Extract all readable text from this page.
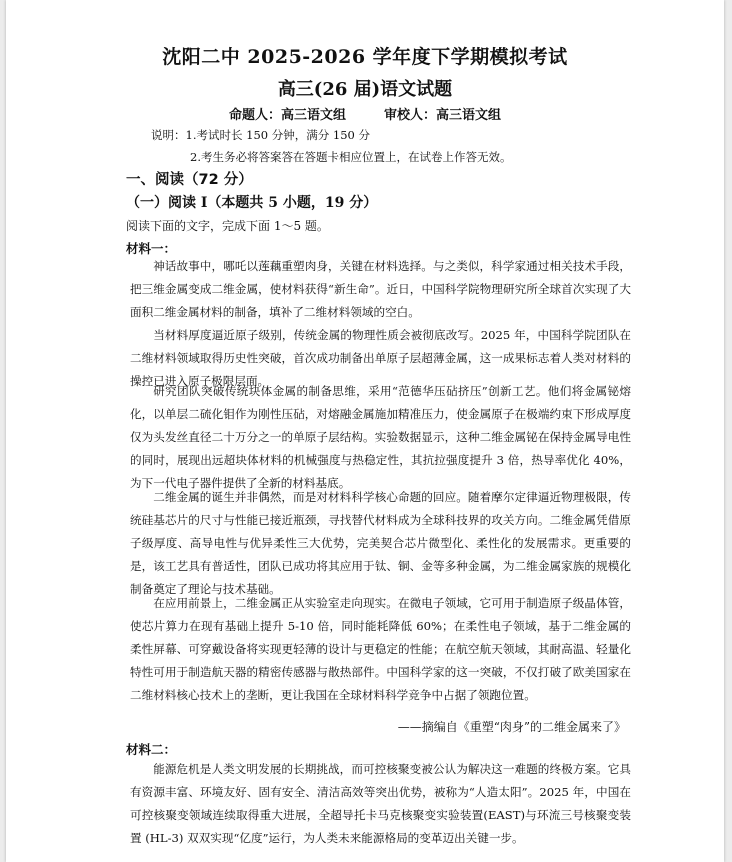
沈阳二中 2025-2026 学年度下学期模拟考试
高三(26 届)语文试题
命题人：高三语文组	审校人：高三语文组
说明：1.考试时长 150 分钟，满分 150 分
2.考生务必将答案答在答题卡相应位置上，在试卷上作答无效。
一、阅读（72 分）
（一）阅读 I（本题共 5 小题，19 分）
阅读下面的文字，完成下面 1～5 题。
材料一：

神话故事中，哪吒以莲藕重塑肉身，关键在材料选择。与之类似，科学家通过相关技术手段，把三维金属变成二维金属，使材料获得“新生命”。近日，中国科学院物理研究所全球首次实现了大面积二维金属材料的制备，填补了二维材料领域的空白。

当材料厚度逼近原子级别，传统金属的物理性质会被彻底改写。2025 年，中国科学院团队在二维材料领域取得历史性突破，首次成功制备出单原子层超薄金属，这一成果标志着人类对材料的操控已进入原子极限层面。

研究团队突破传统块体金属的制备思维，采用“范德华压砧挤压”创新工艺。他们将金属铋熔化，以单层二硫化钼作为刚性压砧，对熔融金属施加精准压力，使金属原子在极端约束下形成厚度仅为头发丝直径二十万分之一的单原子层结构。实验数据显示，这种二维金属铋在保持金属导电性的同时，展现出远超块体材料的机械强度与热稳定性，其抗拉强度提升 3 倍，热导率优化 40%，为下一代电子器件提供了全新的材料基底。

二维金属的诞生并非偶然，而是对材料科学核心命题的回应。随着摩尔定律逼近物理极限，传统硅基芯片的尺寸与性能已接近瓶颈，寻找替代材料成为全球科技界的攻关方向。二维金属凭借原子级厚度、高导电性与优异柔性三大优势，完美契合芯片微型化、柔性化的发展需求。更重要的是，该工艺具有普适性，团队已成功将其应用于钛、铜、金等多种金属，为二维金属家族的规模化制备奠定了理论与技术基础。

在应用前景上，二维金属正从实验室走向现实。在微电子领域，它可用于制造原子级晶体管，使芯片算力在现有基础上提升 5-10 倍，同时能耗降低 60%；在柔性电子领域，基于二维金属的柔性屏幕、可穿戴设备将实现更轻薄的设计与更稳定的性能；在航空航天领域，其耐高温、轻量化特性可用于制造航天器的精密传感器与散热部件。中国科学家的这一突破，不仅打破了欧美国家在二维材料核心技术上的垄断，更让我国在全球材料科学竞争中占据了领跑位置。

——摘编自《重塑“肉身”的二维金属来了》
材料二：

能源危机是人类文明发展的长期挑战，而可控核聚变被公认为解决这一难题的终极方案。它具有资源丰富、环境友好、固有安全、清洁高效等突出优势，被称为“人造太阳”。2025 年，中国在可控核聚变领域连续取得重大进展，全超导托卡马克核聚变实验装置(EAST)与环流三号核聚变装置 (HL-3) 双双实现“亿度”运行，为人类未来能源格局的变革迈出关键一步。
